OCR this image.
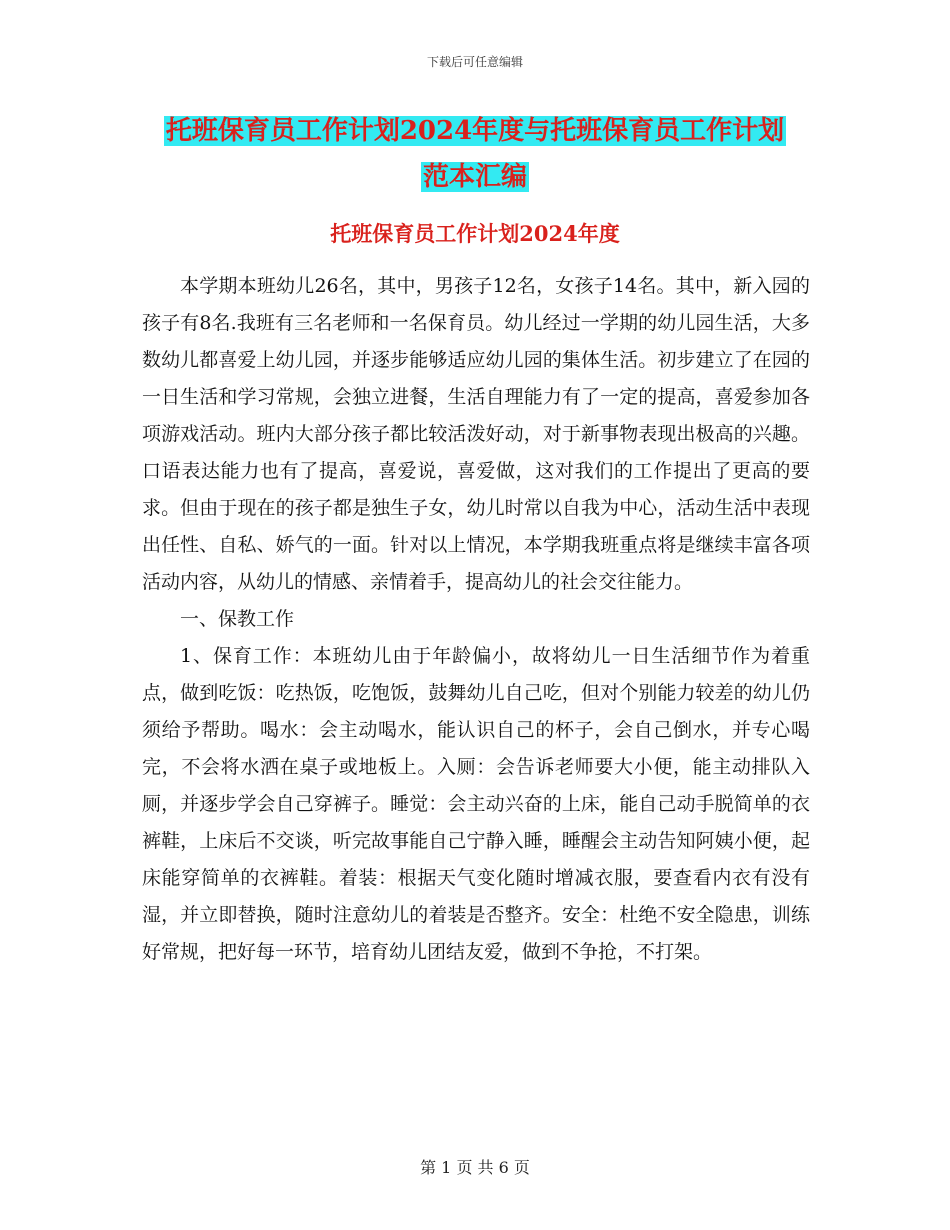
下载后可任意编辑
托班保育员工作计划2024年度与托班保育员工作计划
范本汇编
托班保育员工作计划2024年度

本学期本班幼儿26名，其中，男孩子12名，女孩子14名。其中，新入园的孩子有8名.我班有三名老师和一名保育员。幼儿经过一学期的幼儿园生活，大多数幼儿都喜爱上幼儿园，并逐步能够适应幼儿园的集体生活。初步建立了在园的一日生活和学习常规，会独立进餐，生活自理能力有了一定的提高，喜爱参加各项游戏活动。班内大部分孩子都比较活泼好动，对于新事物表现出极高的兴趣。口语表达能力也有了提高，喜爱说，喜爱做，这对我们的工作提出了更高的要求。但由于现在的孩子都是独生子女，幼儿时常以自我为中心，活动生活中表现出任性、自私、娇气的一面。针对以上情况，本学期我班重点将是继续丰富各项活动内容，从幼儿的情感、亲情着手，提高幼儿的社会交往能力。

一、保教工作

1、保育工作：本班幼儿由于年龄偏小，故将幼儿一日生活细节作为着重点，做到吃饭：吃热饭，吃饱饭，鼓舞幼儿自己吃，但对个别能力较差的幼儿仍须给予帮助。喝水：会主动喝水，能认识自己的杯子，会自己倒水，并专心喝完，不会将水洒在桌子或地板上。入厕：会告诉老师要大小便，能主动排队入厕，并逐步学会自己穿裤子。睡觉：会主动兴奋的上床，能自己动手脱简单的衣裤鞋，上床后不交谈，听完故事能自己宁静入睡，睡醒会主动告知阿姨小便，起床能穿简单的衣裤鞋。着装：根据天气变化随时增减衣服，要查看内衣有没有湿，并立即替换，随时注意幼儿的着装是否整齐。安全：杜绝不安全隐患，训练好常规，把好每一环节，培育幼儿团结友爱，做到不争抢，不打架。

第 1 页 共 6 页
